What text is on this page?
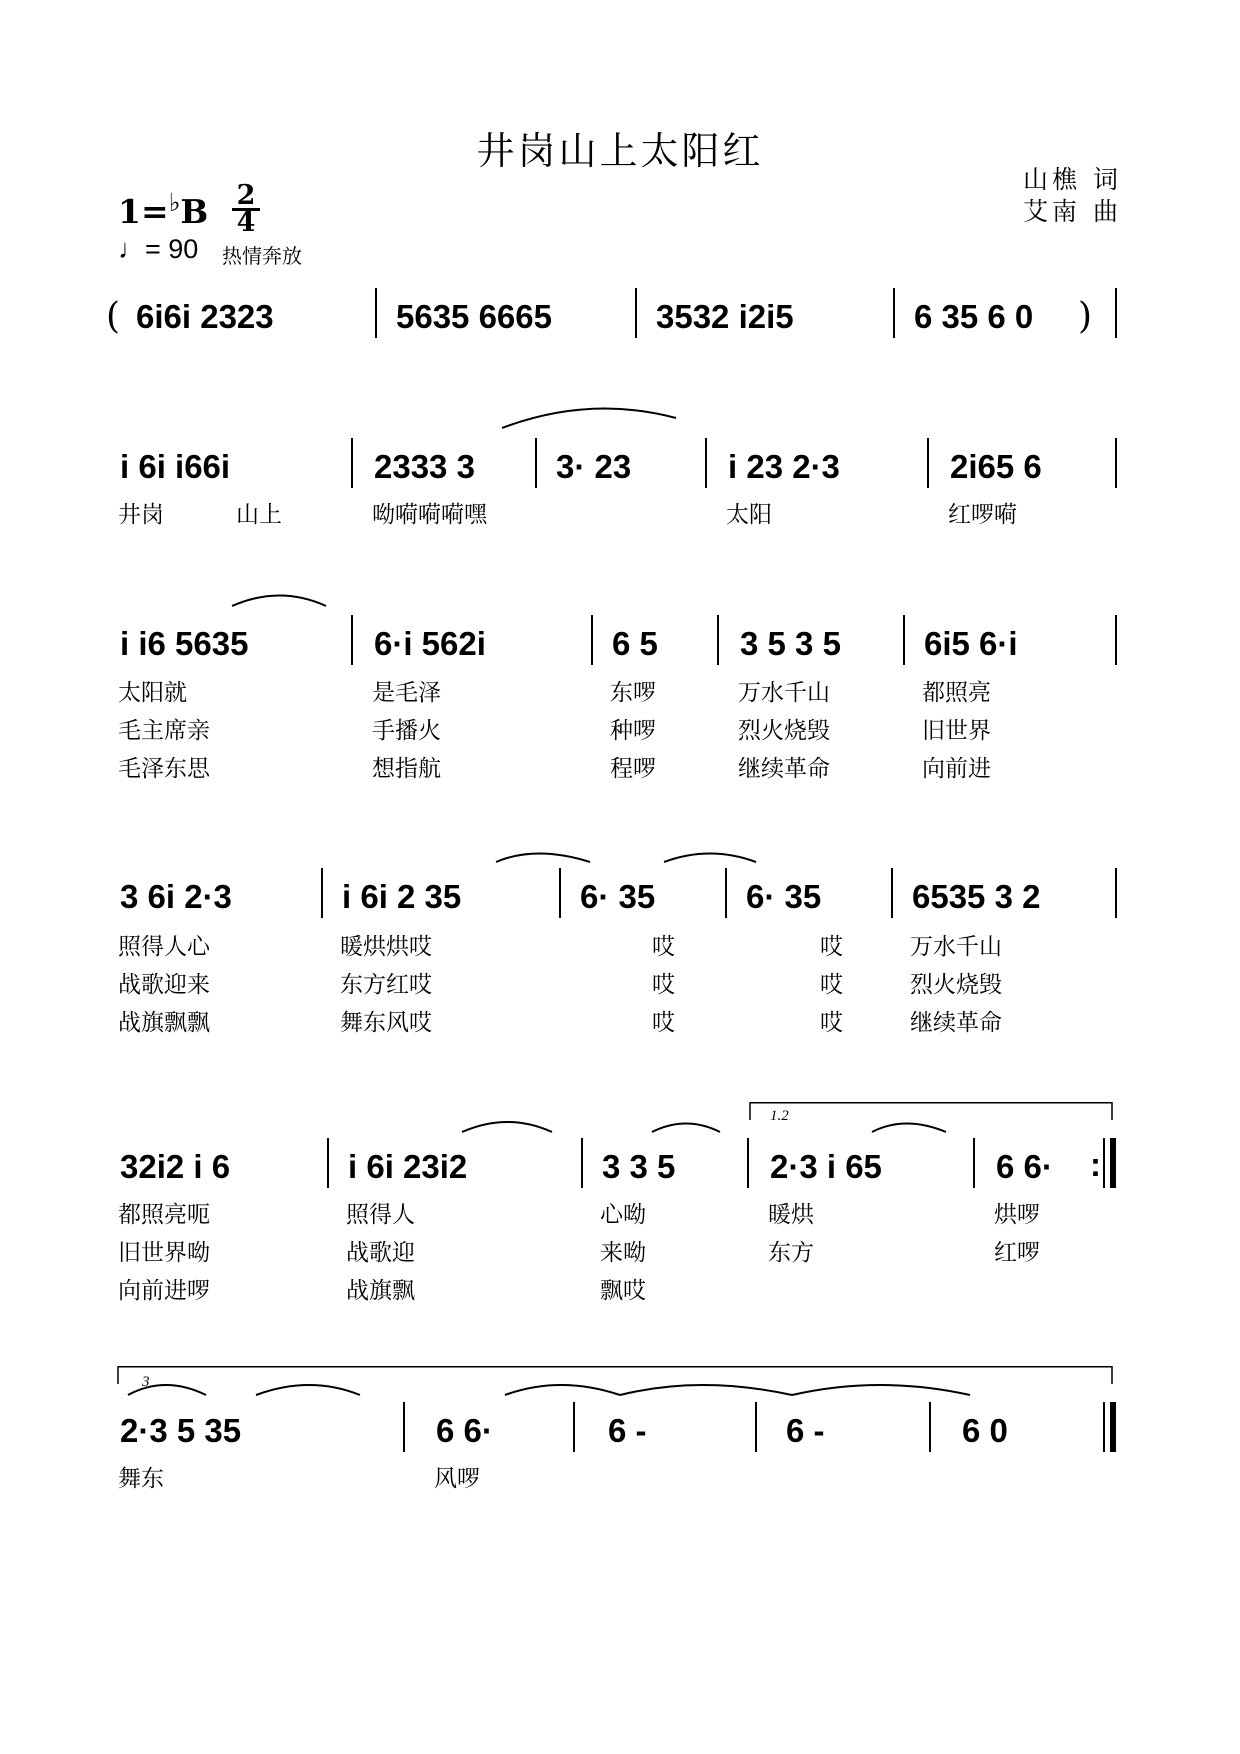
井岗山上太阳红
山樵 词
艾南 曲
1=♭B 2
4
♩= 90 热情奔放
(	)
6i6i 2323	5635 6665	3532 i2i5	6 35 6 0
i 6i i66i	2333 3 3· 23	i 23 2·3	2i65 6
井岗	山上	呦嗬嗬嗬嘿	太阳	红啰嗬
i i6 5635	6·i 562i	6 5 3 5 3 5	6i5 6·i
太阳就	是毛泽	东啰	万水千山	都照亮
毛主席亲	手播火	种啰	烈火烧毁	旧世界
毛泽东思	想指航	程啰	继续革命	向前进
3 6i 2·3	i 6i 2 35	6· 35	6· 35	6535 3 2
照得人心	暖烘烘哎	哎	哎	万水千山
战歌迎来	东方红哎	哎	哎	烈火烧毁
战旗飘飘	舞东风哎	哎	哎	继续革命
1.2
32i2 i 6	i 6i 23i2	3 3 5	2·3 i 65	6 6· :
都照亮呃	照得人	心呦	暖烘	烘啰
旧世界呦	战歌迎	来呦	东方	红啰
向前进啰	战旗飘	飘哎
3
2·3 5 35	6 6·	6 -	6 -	6 0
舞东	风啰
